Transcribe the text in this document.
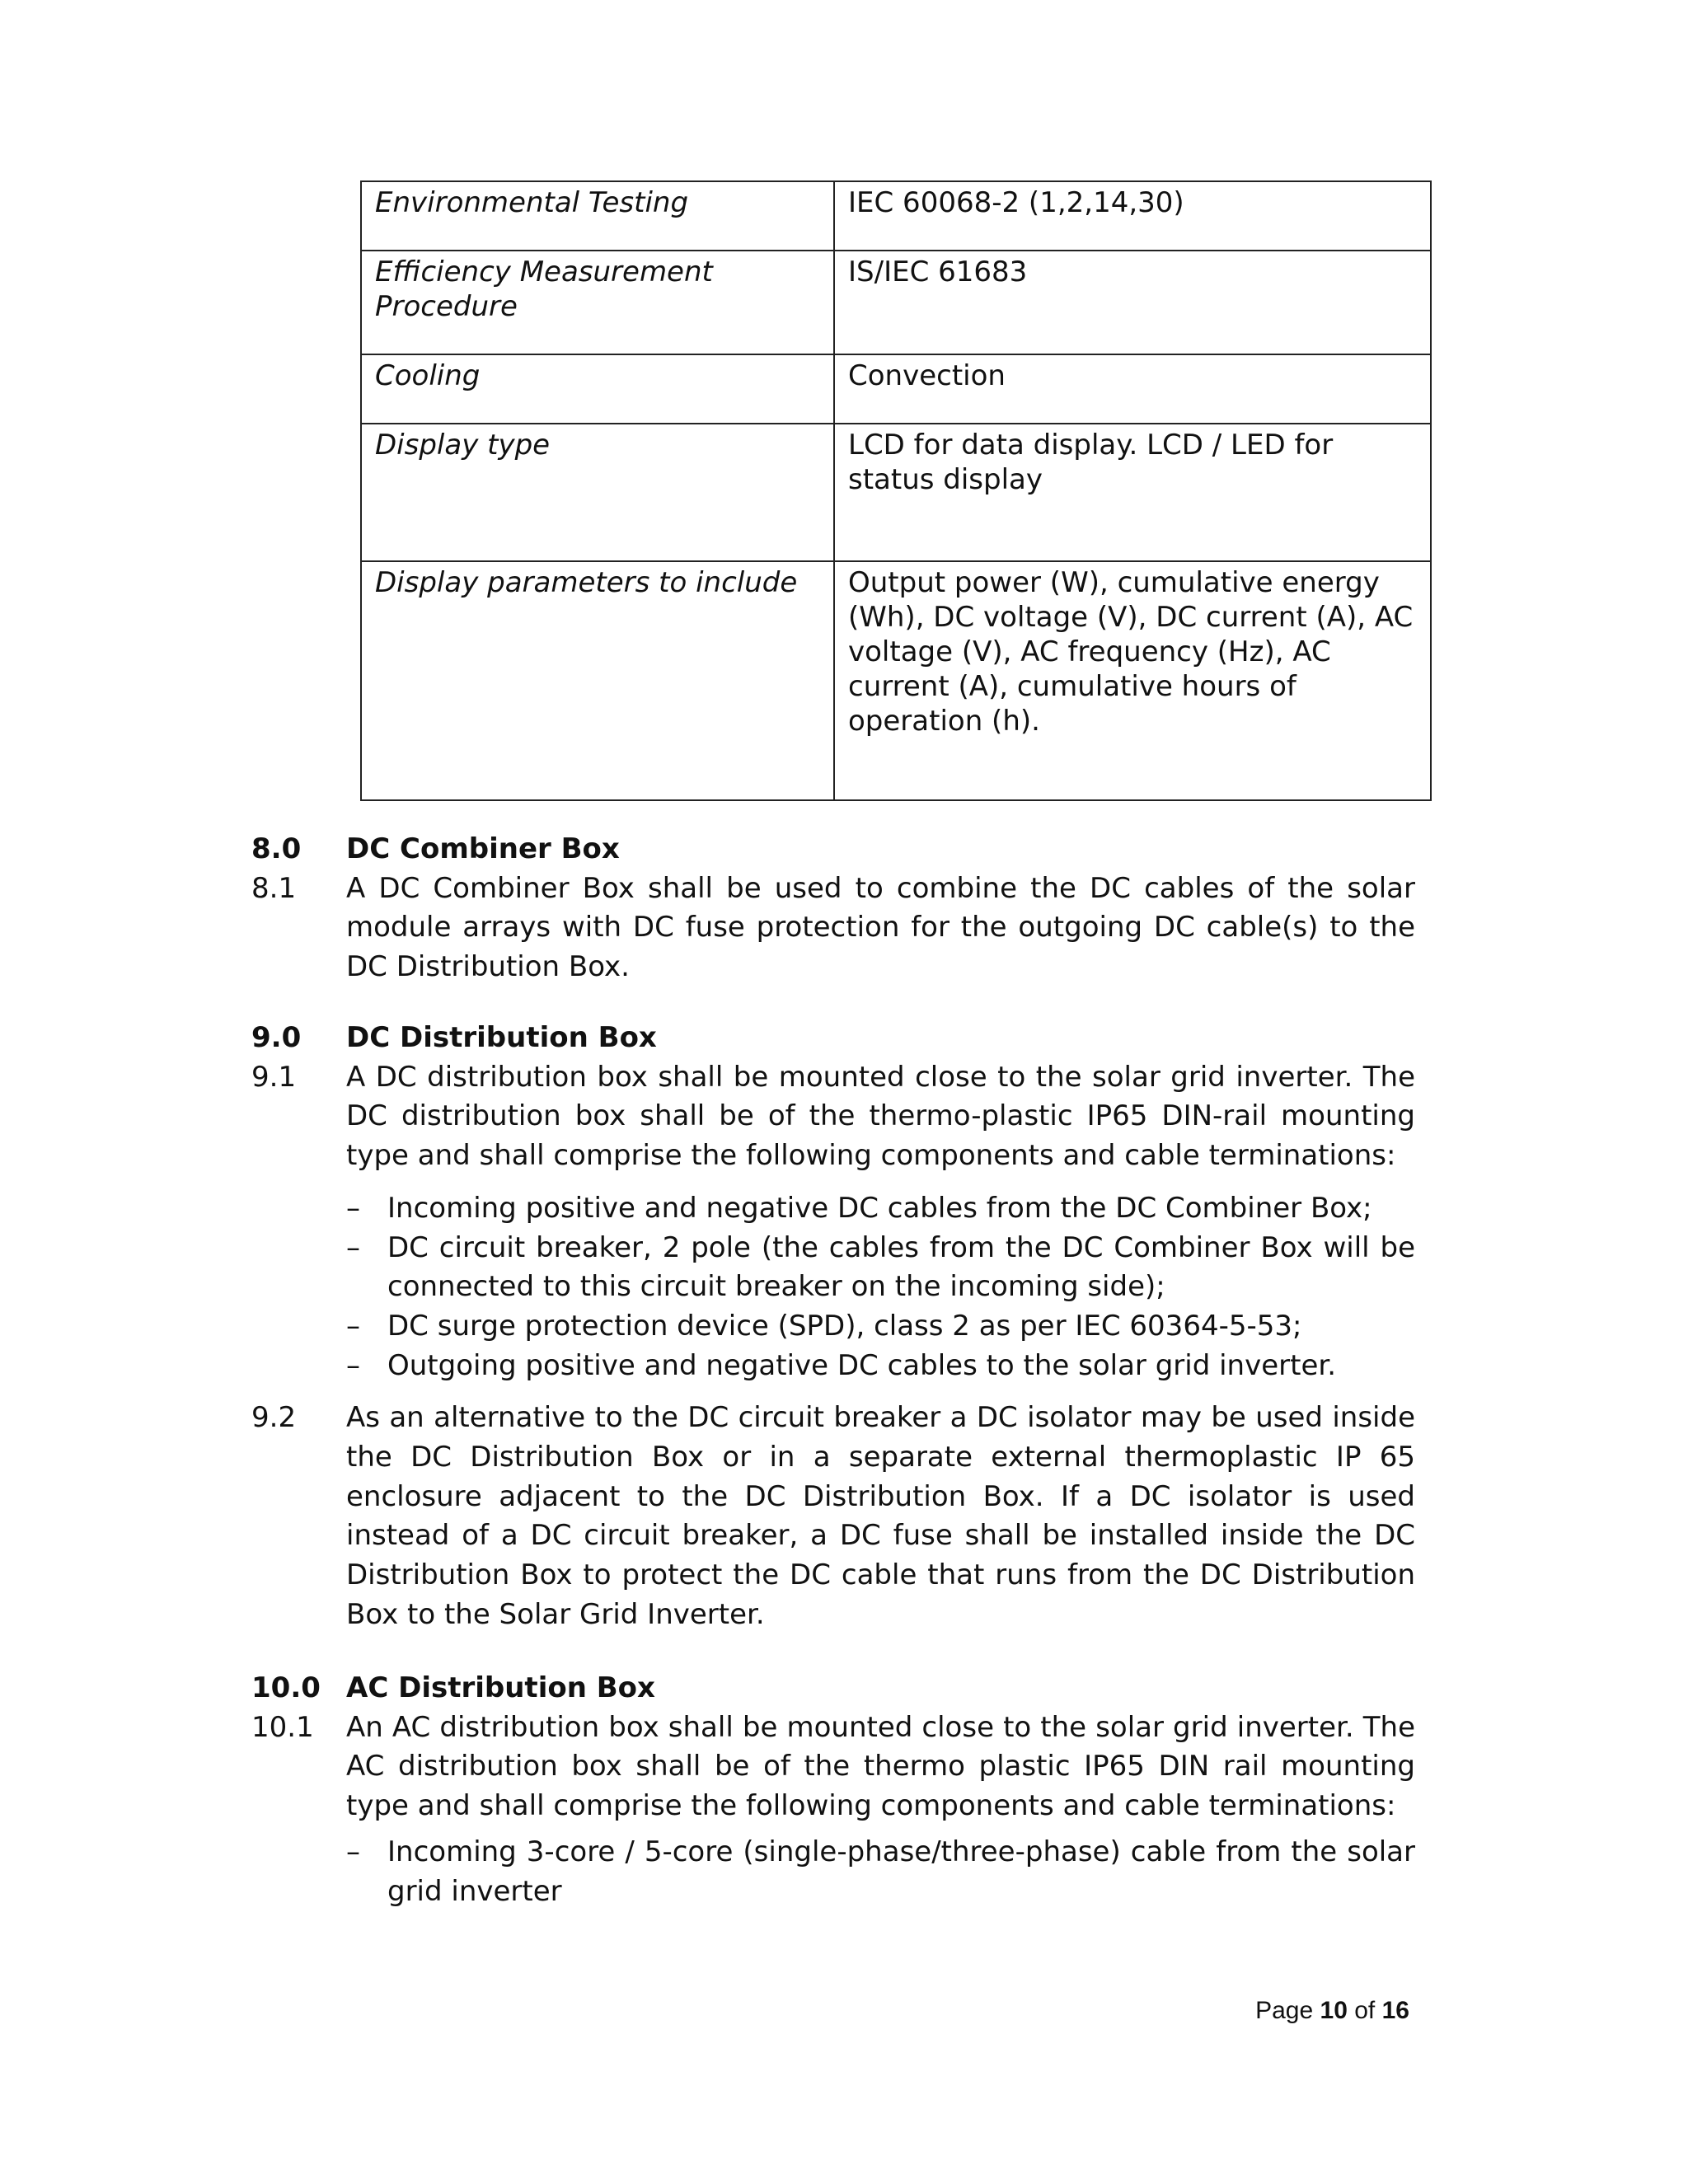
Environmental Testing	IEC 60068-2 (1,2,14,30)
Efficiency Measurement Procedure	IS/IEC 61683
Cooling	Convection
Display type	LCD for data display. LCD / LED for status display
Display parameters to include	Output power (W), cumulative energy (Wh), DC voltage (V), DC current (A), AC voltage (V), AC frequency (Hz), AC current (A), cumulative hours of operation (h).
8.0	DC Combiner Box
8.1	A DC Combiner Box shall be used to combine the DC cables of the solar module arrays with DC fuse protection for the outgoing DC cable(s) to the DC Distribution Box.
9.0	DC Distribution Box
9.1	A DC distribution box shall be mounted close to the solar grid inverter. The DC distribution box shall be of the thermo-plastic IP65 DIN-rail mounting type and shall comprise the following components and cable terminations:
– Incoming positive and negative DC cables from the DC Combiner Box;
– DC circuit breaker, 2 pole (the cables from the DC Combiner Box will be connected to this circuit breaker on the incoming side);
– DC surge protection device (SPD), class 2 as per IEC 60364-5-53;
– Outgoing positive and negative DC cables to the solar grid inverter.
9.2	As an alternative to the DC circuit breaker a DC isolator may be used inside the DC Distribution Box or in a separate external thermoplastic IP 65 enclosure adjacent to the DC Distribution Box. If a DC isolator is used instead of a DC circuit breaker, a DC fuse shall be installed inside the DC Distribution Box to protect the DC cable that runs from the DC Distribution Box to the Solar Grid Inverter.
10.0 AC Distribution Box
10.1	An AC distribution box shall be mounted close to the solar grid inverter. The AC distribution box shall be of the thermo plastic IP65 DIN rail mounting type and shall comprise the following components and cable terminations:
– Incoming 3-core / 5-core (single-phase/three-phase) cable from the solar grid inverter
Page 10 of 16
